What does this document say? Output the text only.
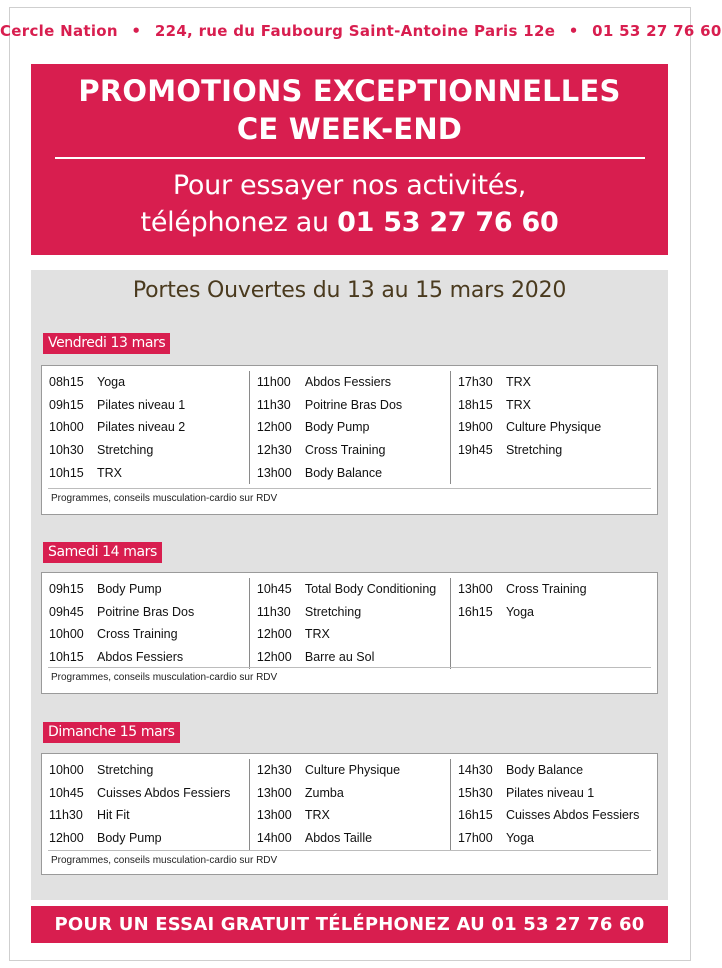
Cercle Nation • 224, rue du Faubourg Saint-Antoine Paris 12e • 01 53 27 76 60
PROMOTIONS EXCEPTIONNELLES
CE WEEK-END
Pour essayer nos activités,
téléphonez au 01 53 27 76 60
Portes Ouvertes du 13 au 15 mars 2020
Vendredi 13 mars
08h15 Yoga
09h15 Pilates niveau 1
10h00 Pilates niveau 2
10h30 Stretching
10h15 TRX
11h00 Abdos Fessiers
11h30 Poitrine Bras Dos
12h00 Body Pump
12h30 Cross Training
13h00 Body Balance
17h30 TRX
18h15 TRX
19h00 Culture Physique
19h45 Stretching
Programmes, conseils musculation-cardio sur RDV
Samedi 14 mars
09h15 Body Pump
09h45 Poitrine Bras Dos
10h00 Cross Training
10h15 Abdos Fessiers
10h45 Total Body Conditioning
11h30 Stretching
12h00 TRX
12h00 Barre au Sol
13h00 Cross Training
16h15 Yoga
Programmes, conseils musculation-cardio sur RDV
Dimanche 15 mars
10h00 Stretching
10h45 Cuisses Abdos Fessiers
11h30 Hit Fit
12h00 Body Pump
12h30 Culture Physique
13h00 Zumba
13h00 TRX
14h00 Abdos Taille
14h30 Body Balance
15h30 Pilates niveau 1
16h15 Cuisses Abdos Fessiers
17h00 Yoga
Programmes, conseils musculation-cardio sur RDV
POUR UN ESSAI GRATUIT TÉLÉPHONEZ AU 01 53 27 76 60
